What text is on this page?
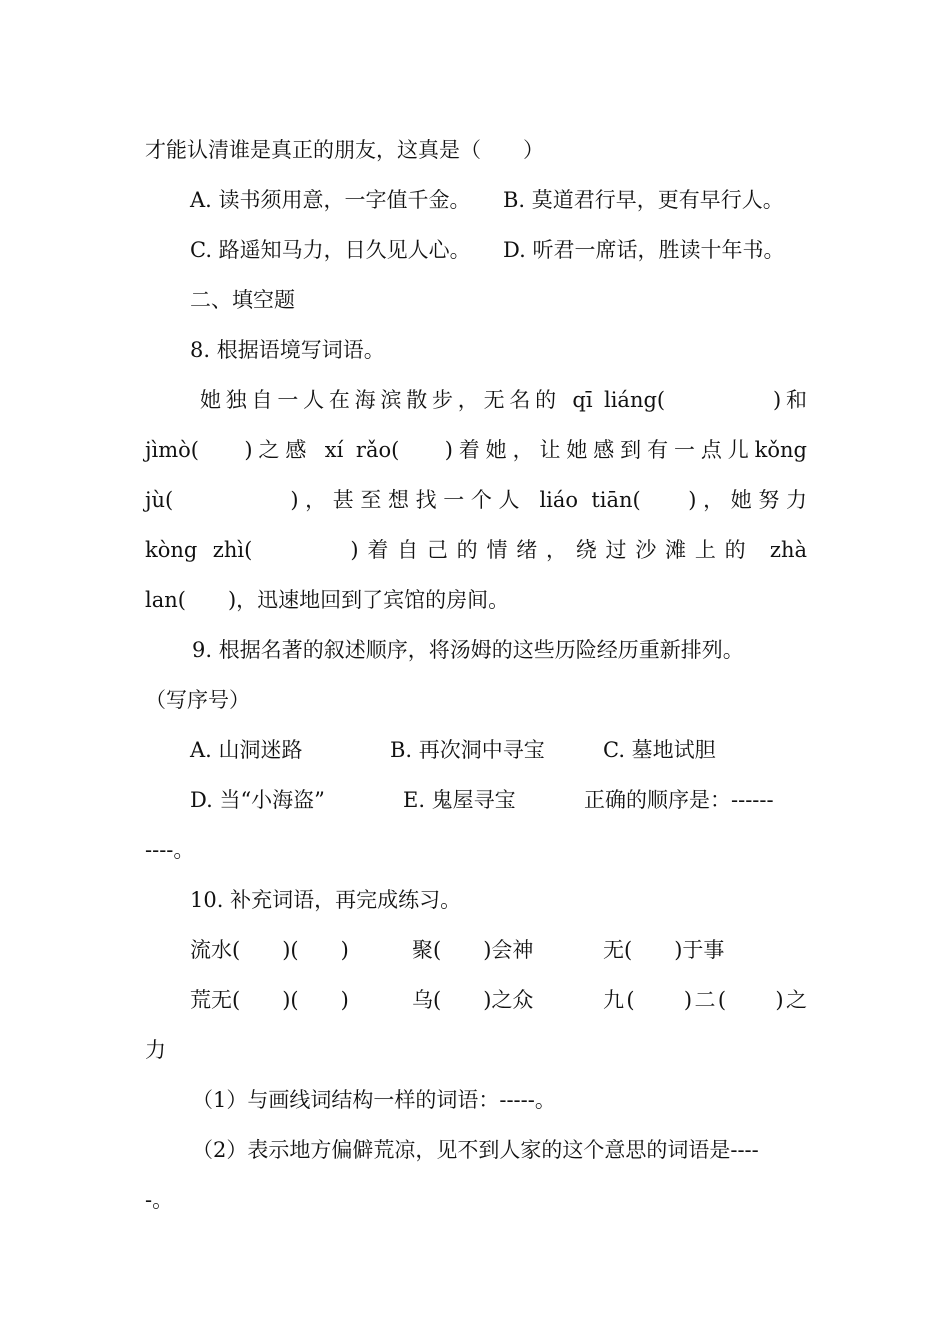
才能认清谁是真正的朋友，这真是（　　）
A. 读书须用意，一字值千金。 B. 莫道君行早，更有早行人。
C. 路遥知马力，日久见人心。 D. 听君一席话，胜读十年书。
二、填空题
8. 根据语境写词语。
她独自一人在海滨散步，无名的 qī liáng(　　　　)和
jìmò(　 )之感 xí rǎo(　 )着她，让她感到有一点儿kǒng
jù(　　　　)，甚至想找一个人 liáo tiān(　 )，她努力
kòng zhì(　　　)着自己的情绪，绕过沙滩上的 zhà
lan(　　)，迅速地回到了宾馆的房间。
9. 根据名著的叙述顺序，将汤姆的这些历险经历重新排列。
（写序号）
A. 山洞迷路	B. 再次洞中寻宝	C. 墓地试胆
D. 当“小海盗”	E. 鬼屋寻宝	正确的顺序是：------
----。
10. 补充词语，再完成练习。
流水(　　)(　　)	聚(　　)会神	无(　　)于事
荒无(　　)(　　)	乌(　　)之众	九(　　)二(　　)之
力
（1）与画线词结构一样的词语：-----。
（2）表示地方偏僻荒凉，见不到人家的这个意思的词语是----
-。
